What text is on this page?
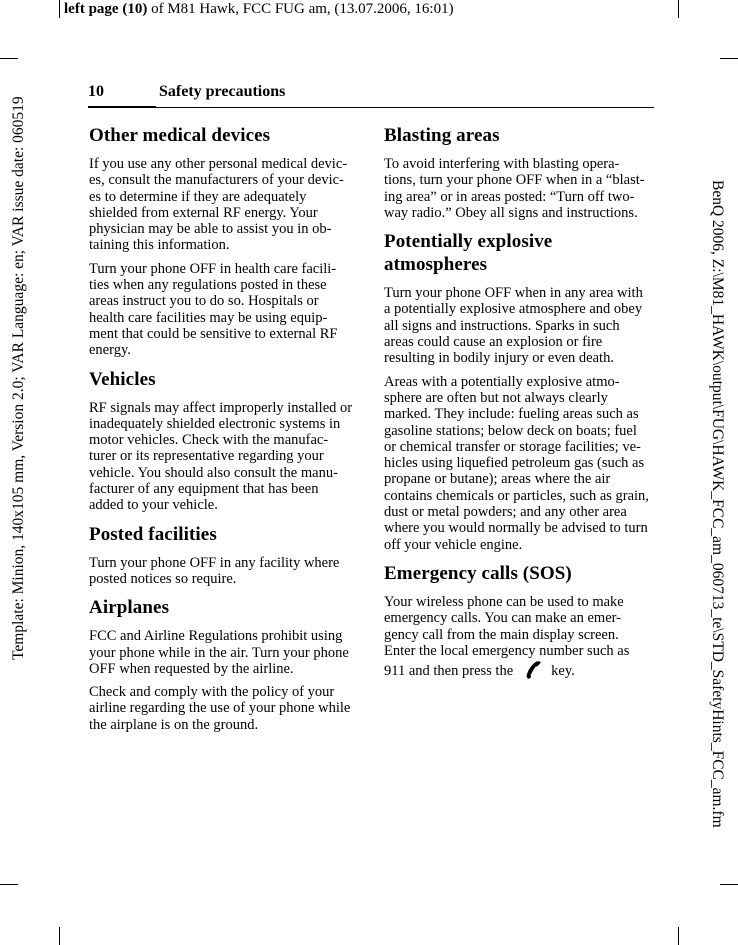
left page (10) of M81 Hawk, FCC FUG am, (13.07.2006, 16:01)
Template: Minion, 140x105 mm, Version 2.0; VAR Language: en; VAR issue date: 060519	BenQ 2006, Z:\M81_HAWK\output\FUG\HAWK_FCC_am_060713_te\STD_SafetyHints_FCC_am.fm
10	Safety precautions
Other medical devices

If you use any other personal medical devic-es, consult the manufacturers of your devic-es to determine if they are adequately shielded from external RF energy. Your physician may be able to assist you in ob-taining this information.

Turn your phone OFF in health care facili-ties when any regulations posted in these areas instruct you to do so. Hospitals or health care facilities may be using equip-ment that could be sensitive to external RF energy.

Vehicles

RF signals may affect improperly installed or inadequately shielded electronic systems in motor vehicles. Check with the manufac-turer or its representative regarding your vehicle. You should also consult the manu-facturer of any equipment that has been added to your vehicle.

Posted facilities

Turn your phone OFF in any facility where posted notices so require.

Airplanes

FCC and Airline Regulations prohibit using your phone while in the air. Turn your phone OFF when requested by the airline.

Check and comply with the policy of your airline regarding the use of your phone while the airplane is on the ground.

Blasting areas

To avoid interfering with blasting opera-tions, turn your phone OFF when in a “blast-ing area” or in areas posted: “Turn off two-way radio.” Obey all signs and instructions.

Potentially explosive atmospheres

Turn your phone OFF when in any area with a potentially explosive atmosphere and obey all signs and instructions. Sparks in such areas could cause an explosion or fire resulting in bodily injury or even death.

Areas with a potentially explosive atmo-sphere are often but not always clearly marked. They include: fueling areas such as gasoline stations; below deck on boats; fuel or chemical transfer or storage facilities; ve-hicles using liquefied petroleum gas (such as propane or butane); areas where the air contains chemicals or particles, such as grain, dust or metal powders; and any other area where you would normally be advised to turn off your vehicle engine.

Emergency calls (SOS)

Your wireless phone can be used to make emergency calls. You can make an emer-gency call from the main display screen. Enter the local emergency number such as 911 and then press the	key.
